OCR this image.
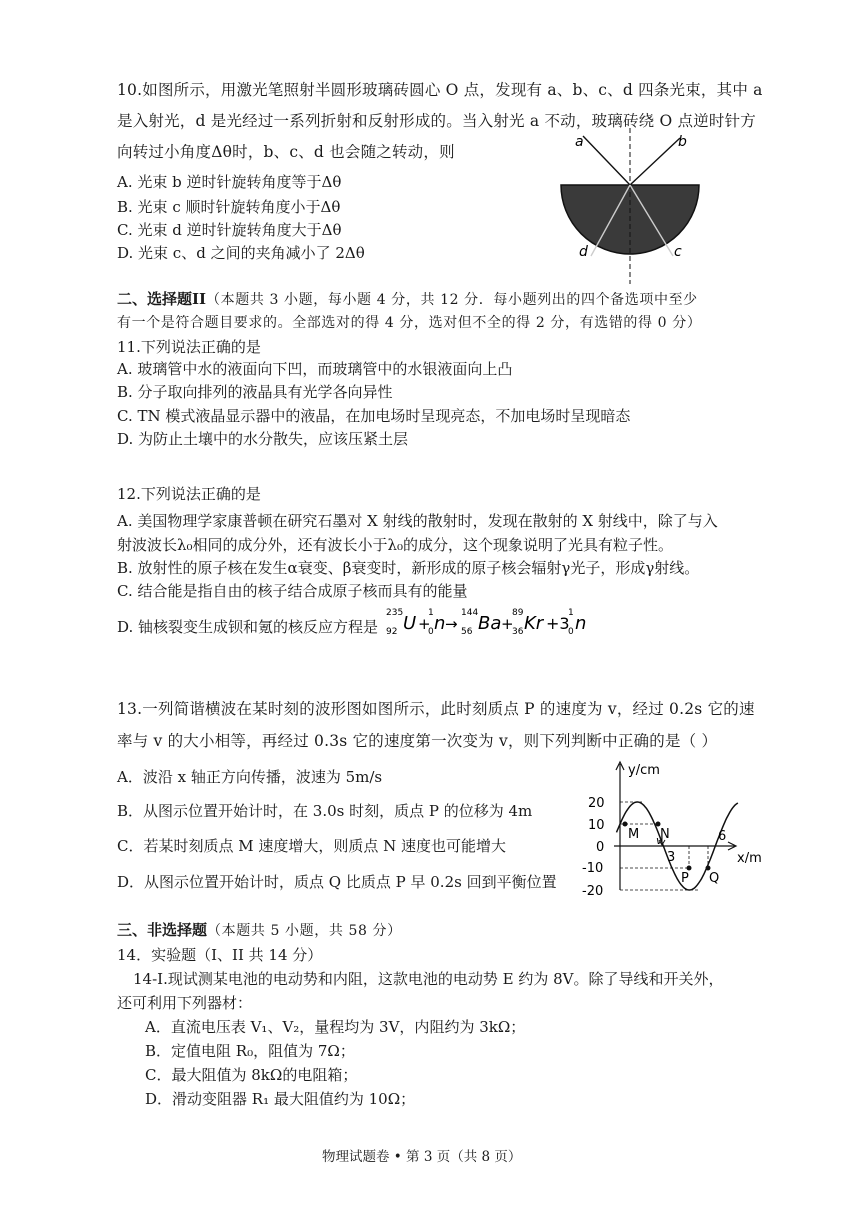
10.如图所示，用激光笔照射半圆形玻璃砖圆心 O 点，发现有 a、b、c、d 四条光束，其中 a
是入射光，d 是光经过一系列折射和反射形成的。当入射光 a 不动，玻璃砖绕 O 点逆时针方
向转过小角度Δθ时，b、c、d 也会随之转动，则
A. 光束 b 逆时针旋转角度等于Δθ
B. 光束 c 顺时针旋转角度小于Δθ
C. 光束 d 逆时针旋转角度大于Δθ
D. 光束 c、d 之间的夹角减小了 2Δθ
a	b
c
d
二、选择题II（本题共 3 小题，每小题 4 分，共 12 分．每小题列出的四个备选项中至少
有一个是符合题目要求的。全部选对的得 4 分，选对但不全的得 2 分，有选错的得 0 分）
11.下列说法正确的是
A. 玻璃管中水的液面向下凹，而玻璃管中的水银液面向上凸
B. 分子取向排列的液晶具有光学各向异性
C. TN 模式液晶显示器中的液晶，在加电场时呈现亮态，不加电场时呈现暗态
D. 为防止土壤中的水分散失，应该压紧土层
12.下列说法正确的是
A. 美国物理学家康普顿在研究石墨对 X 射线的散射时，发现在散射的 X 射线中，除了与入
射波波长λ₀相同的成分外，还有波长小于λ₀的成分，这个现象说明了光具有粒子性。
B. 放射性的原子核在发生α衰变、β衰变时，新形成的原子核会辐射γ光子，形成γ射线。
C. 结合能是指自由的核子结合成原子核而具有的能量
D. 铀核裂变生成钡和氪的核反应方程是
235
92 U +
1
0 n →
144
56 Ba +
89
36 Kr +3
1
0 n
13.一列简谐横波在某时刻的波形图如图所示，此时刻质点 P 的速度为 v，经过 0.2s 它的速
率与 v 的大小相等，再经过 0.3s 它的速度第一次变为 v，则下列判断中正确的是（ ）
A．波沿 x 轴正方向传播，波速为 5m/s
B．从图示位置开始计时，在 3.0s 时刻，质点 P 的位移为 4m
C．若某时刻质点 M 速度增大，则质点 N 速度也可能增大
D．从图示位置开始计时，质点 Q 比质点 P 早 0.2s 回到平衡位置
y/cm
x/m
20
10
0
-10
-20
3
6
M N
P Q
v
三、非选择题（本题共 5 小题，共 58 分）
14．实验题（I、II 共 14 分）
14-I.现试测某电池的电动势和内阻，这款电池的电动势 E 约为 8V。除了导线和开关外，
还可利用下列器材：
A．直流电压表 V₁、V₂，量程均为 3V，内阻约为 3kΩ；
B．定值电阻 R₀，阻值为 7Ω；
C．最大阻值为 8kΩ的电阻箱；
D．滑动变阻器 R₁ 最大阻值约为 10Ω；
物理试题卷 • 第 3 页（共 8 页）
